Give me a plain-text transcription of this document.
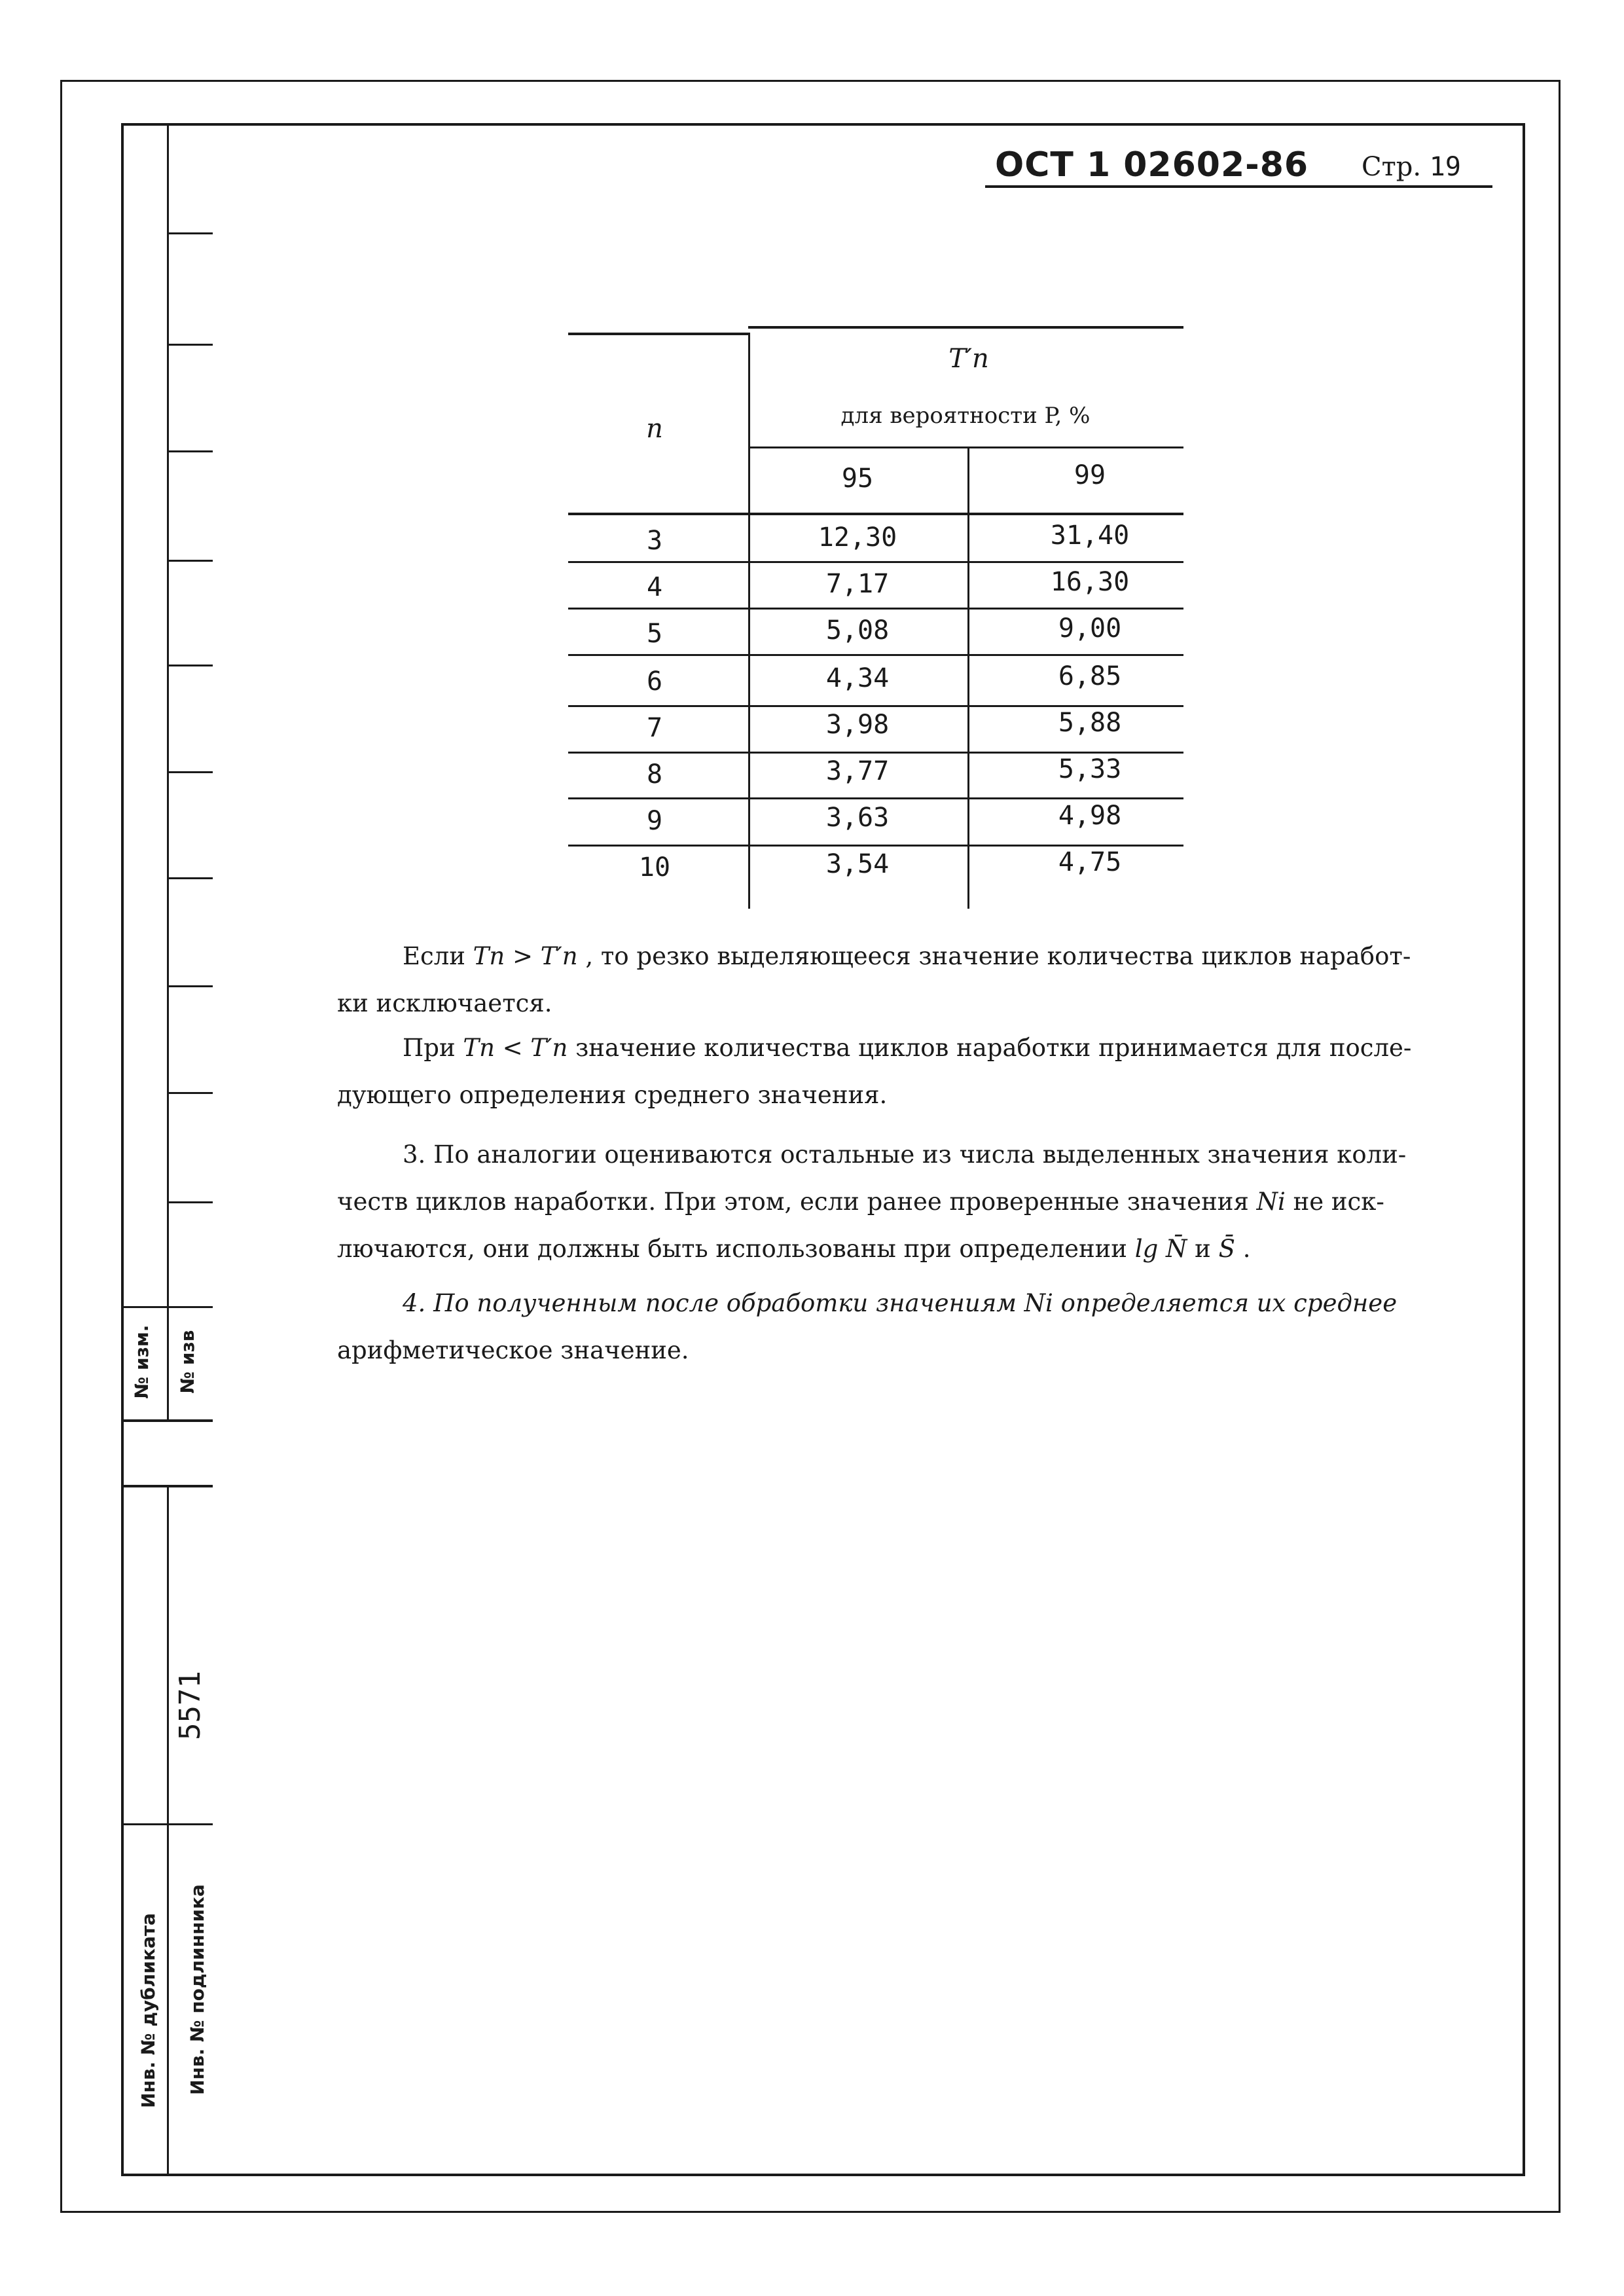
№ изм. № изв
5571
Инв. № дубликата Инв. № подлинника
ОСТ 1 02602-86 Стр. 19
n
T′n
для вероятности P, %
95	99
3	12,30	31,40
4	7,17	16,30
5	5,08	9,00
6	4,34	6,85
7	3,98	5,88
8	3,77	5,33
9	3,63	4,98
10	3,54	4,75
Если Tn > T′n , то резко выделяющееся значение количества циклов наработ-
ки исключается.
При Tn < T′n значение количества циклов наработки принимается для после-
дующего определения среднего значения.
3. По аналогии оцениваются остальные из числа выделенных значения коли-
честв циклов наработки. При этом, если ранее проверенные значения Ni не иск-
лючаются, они должны быть использованы при определении lg N̄ и S̄ .
4. По полученным после обработки значениям Ni определяется их среднее
арифметическое значение.
